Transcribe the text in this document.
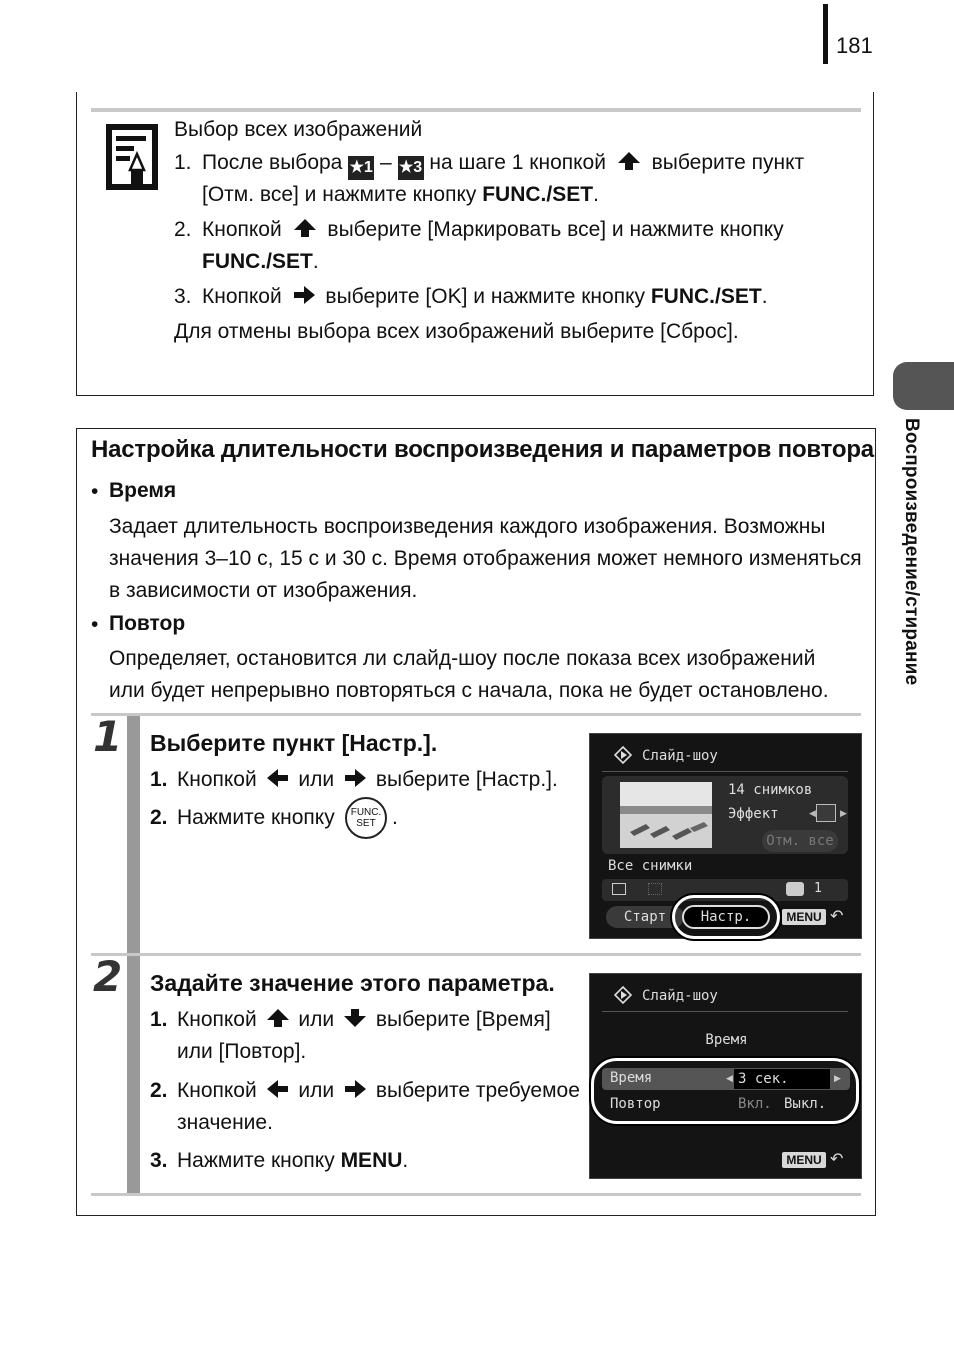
181
Воспроизведение/стирание
Выбор всех изображений
1. После выбора ★1 – ★3 на шаге 1 кнопкой выберите пункт
[Отм. все] и нажмите кнопку FUNC./SET.
2. Кнопкой выберите [Маркировать все] и нажмите кнопку
FUNC./SET.
3. Кнопкой выберите [OK] и нажмите кнопку FUNC./SET.
Для отмены выбора всех изображений выберите [Сброс].
Настройка длительности воспроизведения и параметров повтора
• Время
Задает длительность воспроизведения каждого изображения. Возможны
значения 3–10 с, 15 с и 30 с. Время отображения может немного изменяться
в зависимости от изображения.
• Повтор
Определяет, остановится ли слайд-шоу после показа всех изображений
или будет непрерывно повторяться с начала, пока не будет остановлено.
1 Выберите пункт [Настр.].
1. Кнопкой или выберите [Настр.].
2. Нажмите кнопку	FUNC.
SET .
Слайд-шоу
14 снимков
Эффект	◀	▶
Отм. все
Все снимки
1
Старт	Настр.	MENU ↶
2 Задайте значение этого параметра.
1. Кнопкой или выберите [Время]
или [Повтор].
2. Кнопкой или выберите требуемое
значение.
3. Нажмите кнопку MENU.
Слайд-шоу
Время
Время	◀ 3 сек.	▶
Повтор	Вкл. Выкл.
MENU ↶
